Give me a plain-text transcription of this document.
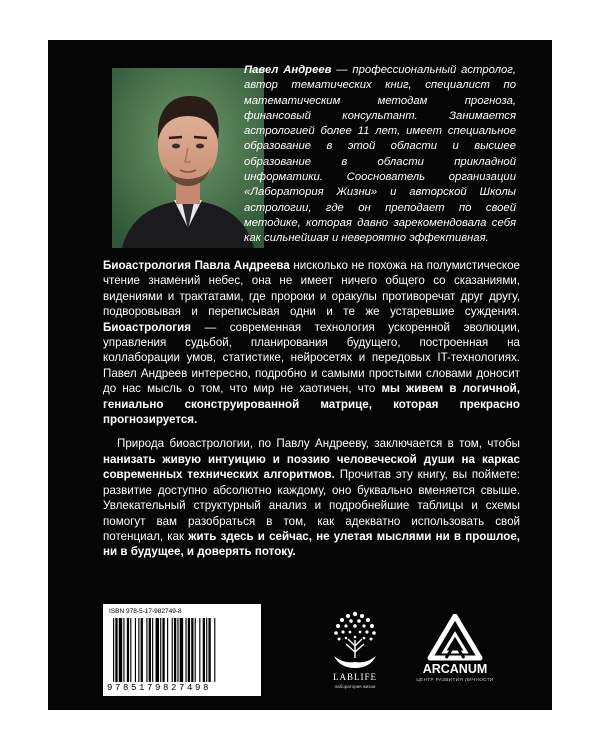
Павел Андреев — профессиональный астролог, автор тематических книг, специалист по математическим методам прогноза, финансовый консультант. Занимается астрологией более 11 лет, имеет специальное образование в этой области и высшее образование в области прикладной информатики. Сооснователь организации «Лаборатория Жизни» и авторской Школы астрологии, где он преподает по своей методике, которая давно зарекомендовала себя как сильнейшая и невероятно эффективная.

Биоастрология Павла Андреева нисколько не похожа на полумистическое чтение знамений небес, она не имеет ничего общего со сказаниями, видениями и трактатами, где пророки и оракулы противоречат друг другу, подворовывая и переписывая одни и те же устаревшие суждения. Биоастрология — современная технология ускоренной эволюции, управления судьбой, планирования будущего, построенная на коллаборации умов, статистике, нейросетях и передовых IT-технологиях. Павел Андреев интересно, подробно и самыми простыми словами доносит до нас мысль о том, что мир не хаотичен, что мы живем в логичной, гениально сконструированной матрице, которая прекрасно прогнозируется.

Природа биоастрологии, по Павлу Андрееву, заключается в том, чтобы нанизать живую интуицию и поэзию человеческой души на каркас современных технических алгоритмов. Прочитав эту книгу, вы поймете: развитие доступно абсолютно каждому, оно буквально вменяется свыше. Увлекательный структурный анализ и подробнейшие таблицы и схемы помогут вам разобраться в том, как адекватно использовать свой потенциал, как жить здесь и сейчас, не улетая мыслями ни в прошлое, ни в будущее, и доверять потоку.

ISBN 978-5-17-982749-8
9785179827498
LABLIFE
лаборатория жизни
ARCANUM
ЦЕНТР РАЗВИТИЯ ЛИЧНОСТИ
